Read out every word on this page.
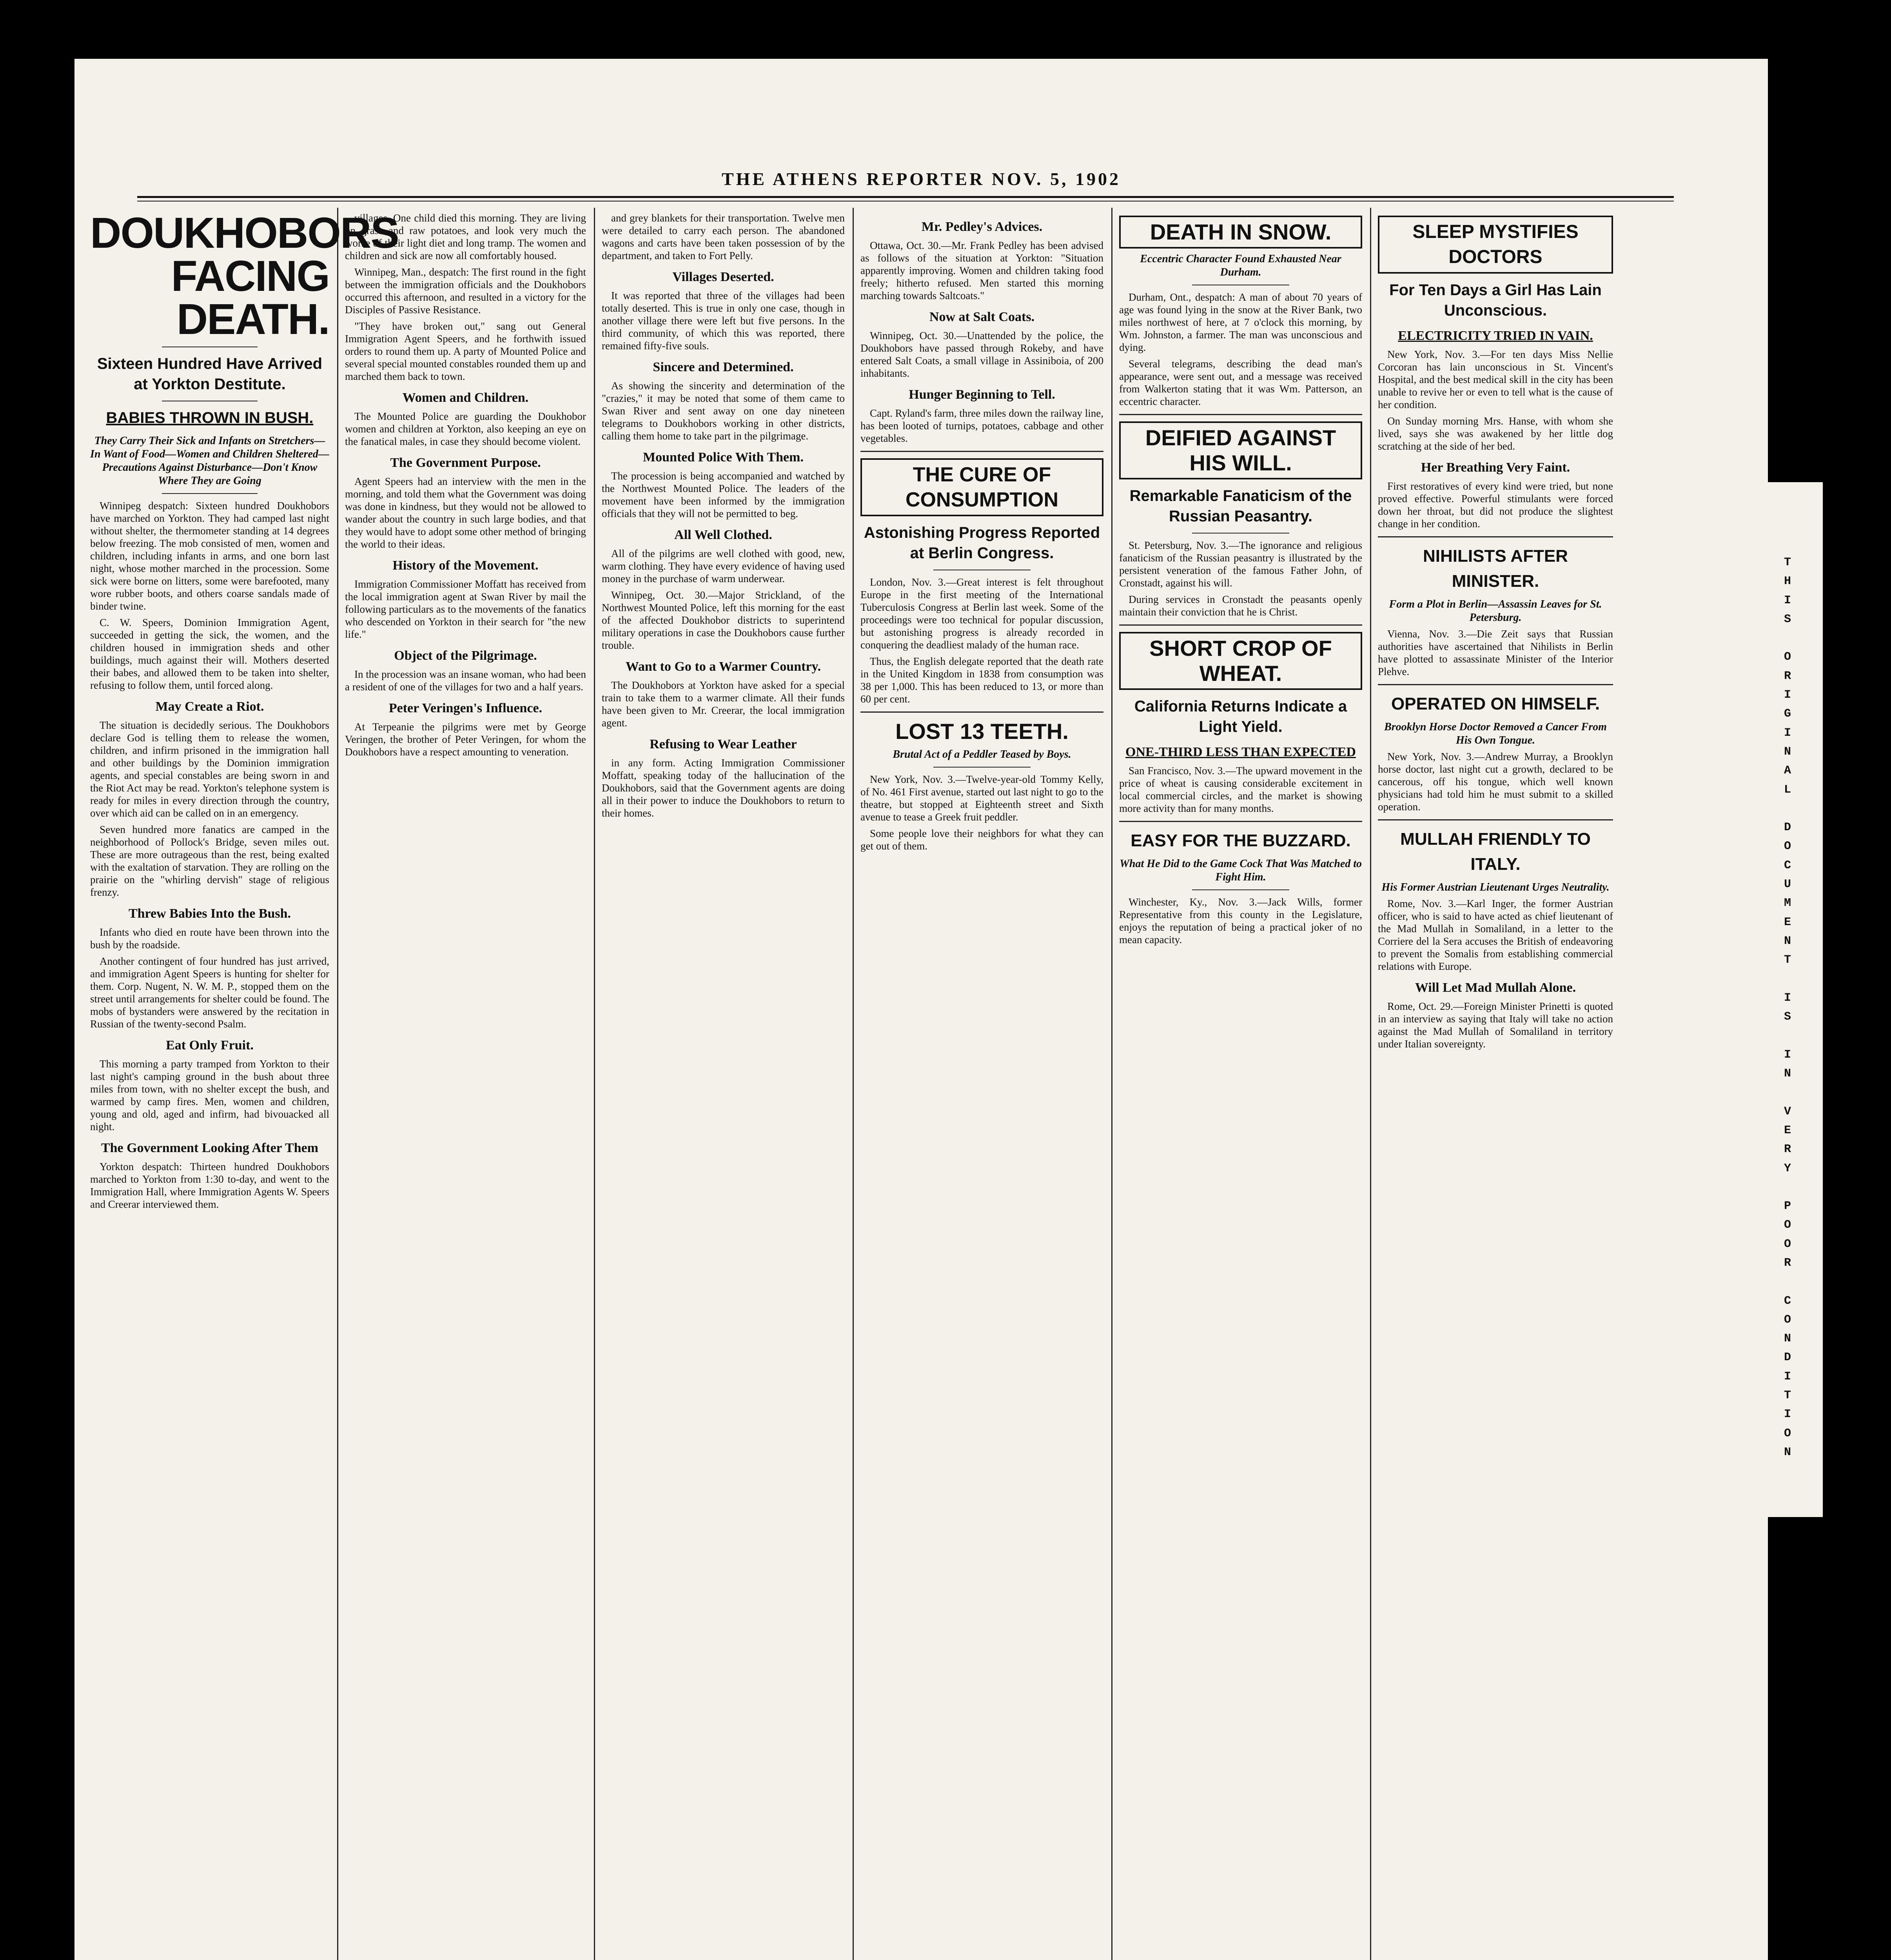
THE ATHENS REPORTER NOV. 5, 1902
DOUKHOBORS
FACING DEATH.
Sixteen Hundred Have Arrived at Yorkton Destitute.
BABIES THROWN IN BUSH.
They Carry Their Sick and Infants on Stretchers—In Want of Food—Women and Children Sheltered—Precautions Against Disturbance—Don't Know Where They are Going

Winnipeg despatch: Sixteen hundred Doukhobors have marched on Yorkton. They had camped last night without shelter, the thermometer standing at 14 degrees below freezing. The mob consisted of men, women and children, including infants in arms, and one born last night, whose mother marched in the procession. Some sick were borne on litters, some were barefooted, many wore rubber boots, and others coarse sandals made of binder twine.

C. W. Speers, Dominion Immigration Agent, succeeded in getting the sick, the women, and the children housed in immigration sheds and other buildings, much against their will. Mothers deserted their babes, and allowed them to be taken into shelter, refusing to follow them, until forced along.

May Create a Riot.

The situation is decidedly serious. The Doukhobors declare God is telling them to release the women, children, and infirm prisoned in the immigration hall and other buildings by the Dominion immigration agents, and special constables are being sworn in and the Riot Act may be read. Yorkton's telephone system is ready for miles in every direction through the country, over which aid can be called on in an emergency.

Seven hundred more fanatics are camped in the neighborhood of Pollock's Bridge, seven miles out. These are more outrageous than the rest, being exalted with the exaltation of starvation. They are rolling on the prairie on the "whirling dervish" stage of religious frenzy.

Threw Babies Into the Bush.

Infants who died en route have been thrown into the bush by the roadside.

Another contingent of four hundred has just arrived, and immigration Agent Speers is hunting for shelter for them. Corp. Nugent, N. W. M. P., stopped them on the street until arrangements for shelter could be found. The mobs of bystanders were answered by the recitation in Russian of the twenty-second Psalm.

Eat Only Fruit.

This morning a party tramped from Yorkton to their last night's camping ground in the bush about three miles from town, with no shelter except the bush, and warmed by camp fires. Men, women and children, young and old, aged and infirm, had bivouacked all night.

The Government Looking After Them

Yorkton despatch: Thirteen hundred Doukhobors marched to Yorkton from 1:30 to-day, and went to the Immigration Hall, where Immigration Agents W. Speers and Creerar interviewed them.

villages. One child died this morning. They are living on grass and raw potatoes, and look very much the worse of their light diet and long tramp. The women and children and sick are now all comfortably housed.

Winnipeg, Man., despatch: The first round in the fight between the immigration officials and the Doukhobors occurred this afternoon, and resulted in a victory for the Disciples of Passive Resistance.

"They have broken out," sang out General Immigration Agent Speers, and he forthwith issued orders to round them up. A party of Mounted Police and several special mounted constables rounded them up and marched them back to town.

Women and Children.

The Mounted Police are guarding the Doukhobor women and children at Yorkton, also keeping an eye on the fanatical males, in case they should become violent.

The Government Purpose.

Agent Speers had an interview with the men in the morning, and told them what the Government was doing was done in kindness, but they would not be allowed to wander about the country in such large bodies, and that they would have to adopt some other method of bringing the world to their ideas.

History of the Movement.

Immigration Commissioner Moffatt has received from the local immigration agent at Swan River by mail the following particulars as to the movements of the fanatics who descended on Yorkton in their search for "the new life."

Object of the Pilgrimage.

In the procession was an insane woman, who had been a resident of one of the villages for two and a half years.

Peter Veringen's Influence.

At Terpeanie the pilgrims were met by George Veringen, the brother of Peter Veringen, for whom the Doukhobors have a respect amounting to veneration.

and grey blankets for their transportation. Twelve men were detailed to carry each person. The abandoned wagons and carts have been taken possession of by the department, and taken to Fort Pelly.

Villages Deserted.

It was reported that three of the villages had been totally deserted. This is true in only one case, though in another village there were left but five persons. In the third community, of which this was reported, there remained fifty-five souls.

Sincere and Determined.

As showing the sincerity and determination of the "crazies," it may be noted that some of them came to Swan River and sent away on one day nineteen telegrams to Doukhobors working in other districts, calling them home to take part in the pilgrimage.

Mounted Police With Them.

The procession is being accompanied and watched by the Northwest Mounted Police. The leaders of the movement have been informed by the immigration officials that they will not be permitted to beg.

All Well Clothed.

All of the pilgrims are well clothed with good, new, warm clothing. They have every evidence of having used money in the purchase of warm underwear.

Winnipeg, Oct. 30.—Major Strickland, of the Northwest Mounted Police, left this morning for the east of the affected Doukhobor districts to superintend military operations in case the Doukhobors cause further trouble.

Want to Go to a Warmer Country.

The Doukhobors at Yorkton have asked for a special train to take them to a warmer climate. All their funds have been given to Mr. Creerar, the local immigration agent.

Refusing to Wear Leather

in any form. Acting Immigration Commissioner Moffatt, speaking today of the hallucination of the Doukhobors, said that the Government agents are doing all in their power to induce the Doukhobors to return to their homes.

Mr. Pedley's Advices.

Ottawa, Oct. 30.—Mr. Frank Pedley has been advised as follows of the situation at Yorkton: "Situation apparently improving. Women and children taking food freely; hitherto refused. Men started this morning marching towards Saltcoats."

Now at Salt Coats.

Winnipeg, Oct. 30.—Unattended by the police, the Doukhobors have passed through Rokeby, and have entered Salt Coats, a small village in Assiniboia, of 200 inhabitants.

Hunger Beginning to Tell.

Capt. Ryland's farm, three miles down the railway line, has been looted of turnips, potatoes, cabbage and other vegetables.

THE CURE OF CONSUMPTION
Astonishing Progress Reported at Berlin Congress.

London, Nov. 3.—Great interest is felt throughout Europe in the first meeting of the International Tuberculosis Congress at Berlin last week. Some of the proceedings were too technical for popular discussion, but astonishing progress is already recorded in conquering the deadliest malady of the human race.

Thus, the English delegate reported that the death rate in the United Kingdom in 1838 from consumption was 38 per 1,000. This has been reduced to 13, or more than 60 per cent.

LOST 13 TEETH.
Brutal Act of a Peddler Teased by Boys.

New York, Nov. 3.—Twelve-year-old Tommy Kelly, of No. 461 First avenue, started out last night to go to the theatre, but stopped at Eighteenth street and Sixth avenue to tease a Greek fruit peddler.

Some people love their neighbors for what they can get out of them.

DEATH IN SNOW.
Eccentric Character Found Exhausted Near Durham.

Durham, Ont., despatch: A man of about 70 years of age was found lying in the snow at the River Bank, two miles northwest of here, at 7 o'clock this morning, by Wm. Johnston, a farmer. The man was unconscious and dying.

Several telegrams, describing the dead man's appearance, were sent out, and a message was received from Walkerton stating that it was Wm. Patterson, an eccentric character.

DEIFIED AGAINST HIS WILL.
Remarkable Fanaticism of the Russian Peasantry.

St. Petersburg, Nov. 3.—The ignorance and religious fanaticism of the Russian peasantry is illustrated by the persistent veneration of the famous Father John, of Cronstadt, against his will.

During services in Cronstadt the peasants openly maintain their conviction that he is Christ.

SHORT CROP OF WHEAT.
California Returns Indicate a Light Yield.
ONE-THIRD LESS THAN EXPECTED

San Francisco, Nov. 3.—The upward movement in the price of wheat is causing considerable excitement in local commercial circles, and the market is showing more activity than for many months.

EASY FOR THE BUZZARD.
What He Did to the Game Cock That Was Matched to Fight Him.

Winchester, Ky., Nov. 3.—Jack Wills, former Representative from this county in the Legislature, enjoys the reputation of being a practical joker of no mean capacity.

SLEEP MYSTIFIES DOCTORS
For Ten Days a Girl Has Lain Unconscious.
ELECTRICITY TRIED IN VAIN.

New York, Nov. 3.—For ten days Miss Nellie Corcoran has lain unconscious in St. Vincent's Hospital, and the best medical skill in the city has been unable to revive her or even to tell what is the cause of her condition.

On Sunday morning Mrs. Hanse, with whom she lived, says she was awakened by her little dog scratching at the side of her bed.

Her Breathing Very Faint.

First restoratives of every kind were tried, but none proved effective. Powerful stimulants were forced down her throat, but did not produce the slightest change in her condition.

NIHILISTS AFTER MINISTER.
Form a Plot in Berlin—Assassin Leaves for St. Petersburg.

Vienna, Nov. 3.—Die Zeit says that Russian authorities have ascertained that Nihilists in Berlin have plotted to assassinate Minister of the Interior Plehve.

OPERATED ON HIMSELF.
Brooklyn Horse Doctor Removed a Cancer From His Own Tongue.

New York, Nov. 3.—Andrew Murray, a Brooklyn horse doctor, last night cut a growth, declared to be cancerous, off his tongue, which well known physicians had told him he must submit to a skilled operation.

MULLAH FRIENDLY TO ITALY.
His Former Austrian Lieutenant Urges Neutrality.

Rome, Nov. 3.—Karl Inger, the former Austrian officer, who is said to have acted as chief lieutenant of the Mad Mullah in Somaliland, in a letter to the Corriere del la Sera accuses the British of endeavoring to prevent the Somalis from establishing commercial relations with Europe.

Will Let Mad Mullah Alone.

Rome, Oct. 29.—Foreign Minister Prinetti is quoted in an interview as saying that Italy will take no action against the Mad Mullah of Somaliland in territory under Italian sovereignty.

T
H
I
S

O
R
I
G
I
N
A
L

D
O
C
U
M
E
N
T

I
S

I
N

V
E
R
Y

P
O
O
R

C
O
N
D
I
T
I
O
N
